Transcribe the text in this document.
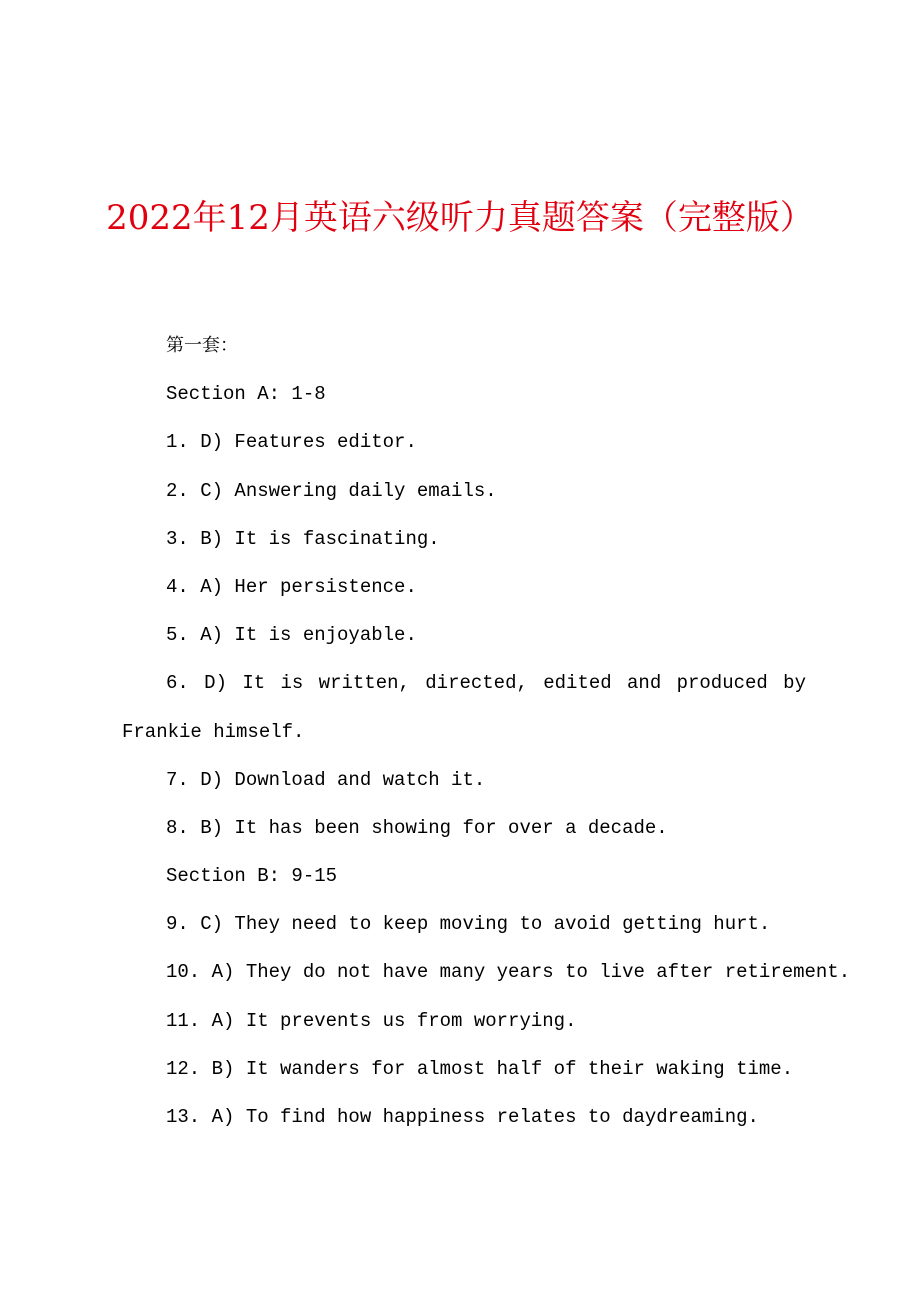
2022年12月英语六级听力真题答案（完整版）
第一套：
Section A: 1-8
1. D) Features editor.
2. C) Answering daily emails.
3. B) It is fascinating.
4. A) Her persistence.
5. A) It is enjoyable.
6. D) It is written, directed, edited and produced by
Frankie himself.
7. D) Download and watch it.
8. B) It has been showing for over a decade.
Section B: 9-15
9. C) They need to keep moving to avoid getting hurt.
10. A) They do not have many years to live after retirement.
11. A) It prevents us from worrying.
12. B) It wanders for almost half of their waking time.
13. A) To find how happiness relates to daydreaming.
